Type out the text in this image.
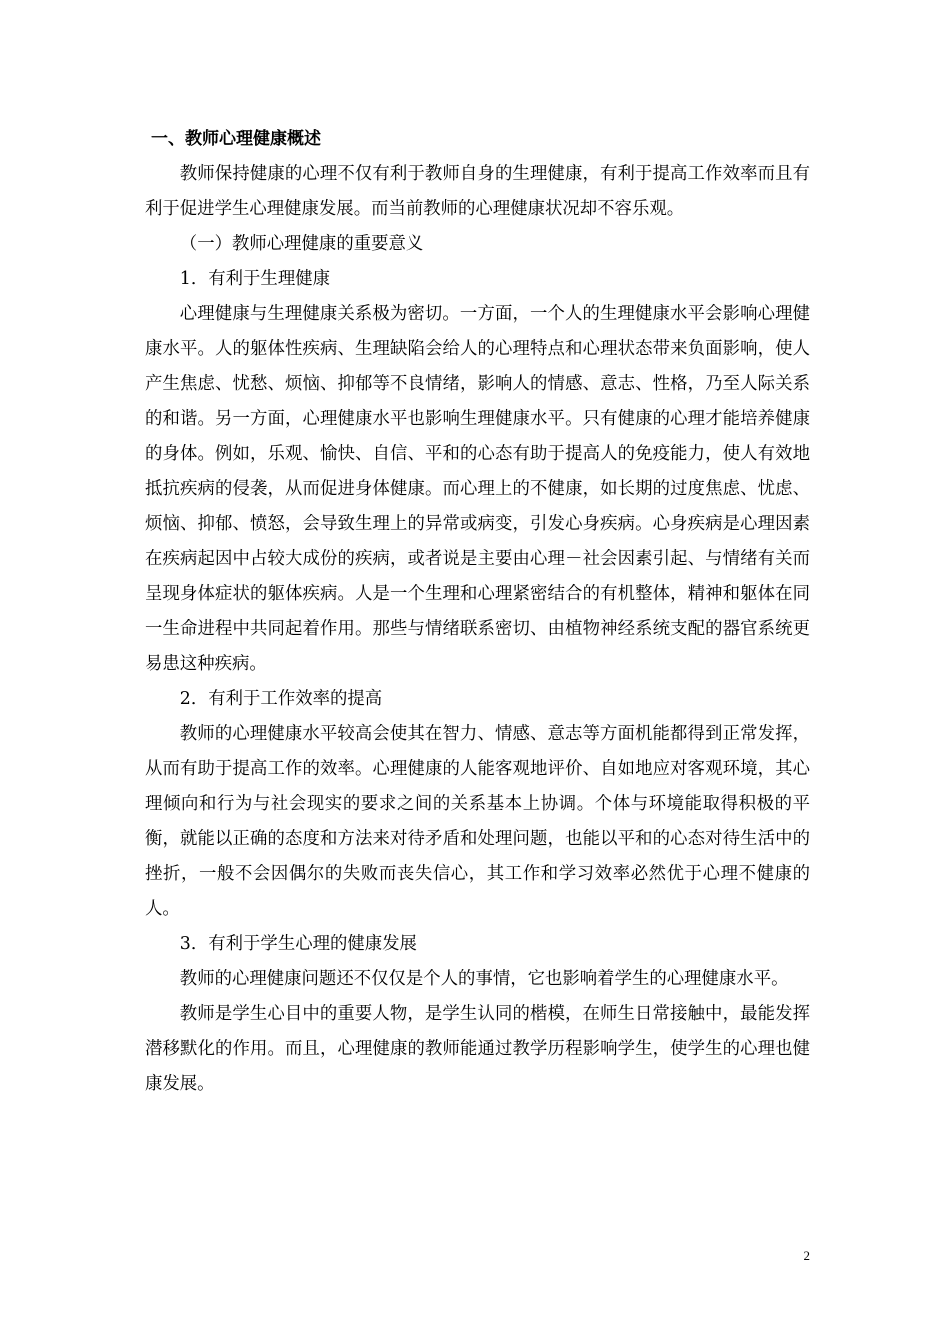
一、教师心理健康概述

教师保持健康的心理不仅有利于教师自身的生理健康，有利于提高工作效率而且有利于促进学生心理健康发展。而当前教师的心理健康状况却不容乐观。

（一）教师心理健康的重要意义

1．有利于生理健康

心理健康与生理健康关系极为密切。一方面，一个人的生理健康水平会影响心理健康水平。人的躯体性疾病、生理缺陷会给人的心理特点和心理状态带来负面影响，使人产生焦虑、忧愁、烦恼、抑郁等不良情绪，影响人的情感、意志、性格，乃至人际关系的和谐。另一方面，心理健康水平也影响生理健康水平。只有健康的心理才能培养健康的身体。例如，乐观、愉快、自信、平和的心态有助于提高人的免疫能力，使人有效地抵抗疾病的侵袭，从而促进身体健康。而心理上的不健康，如长期的过度焦虑、忧虑、烦恼、抑郁、愤怒，会导致生理上的异常或病变，引发心身疾病。心身疾病是心理因素在疾病起因中占较大成份的疾病，或者说是主要由心理－社会因素引起、与情绪有关而呈现身体症状的躯体疾病。人是一个生理和心理紧密结合的有机整体，精神和躯体在同一生命进程中共同起着作用。那些与情绪联系密切、由植物神经系统支配的器官系统更易患这种疾病。

2．有利于工作效率的提高

教师的心理健康水平较高会使其在智力、情感、意志等方面机能都得到正常发挥，从而有助于提高工作的效率。心理健康的人能客观地评价、自如地应对客观环境，其心理倾向和行为与社会现实的要求之间的关系基本上协调。个体与环境能取得积极的平衡，就能以正确的态度和方法来对待矛盾和处理问题，也能以平和的心态对待生活中的挫折，一般不会因偶尔的失败而丧失信心，其工作和学习效率必然优于心理不健康的人。

3．有利于学生心理的健康发展

教师的心理健康问题还不仅仅是个人的事情，它也影响着学生的心理健康水平。

教师是学生心目中的重要人物，是学生认同的楷模，在师生日常接触中，最能发挥潜移默化的作用。而且，心理健康的教师能通过教学历程影响学生，使学生的心理也健康发展。

2
